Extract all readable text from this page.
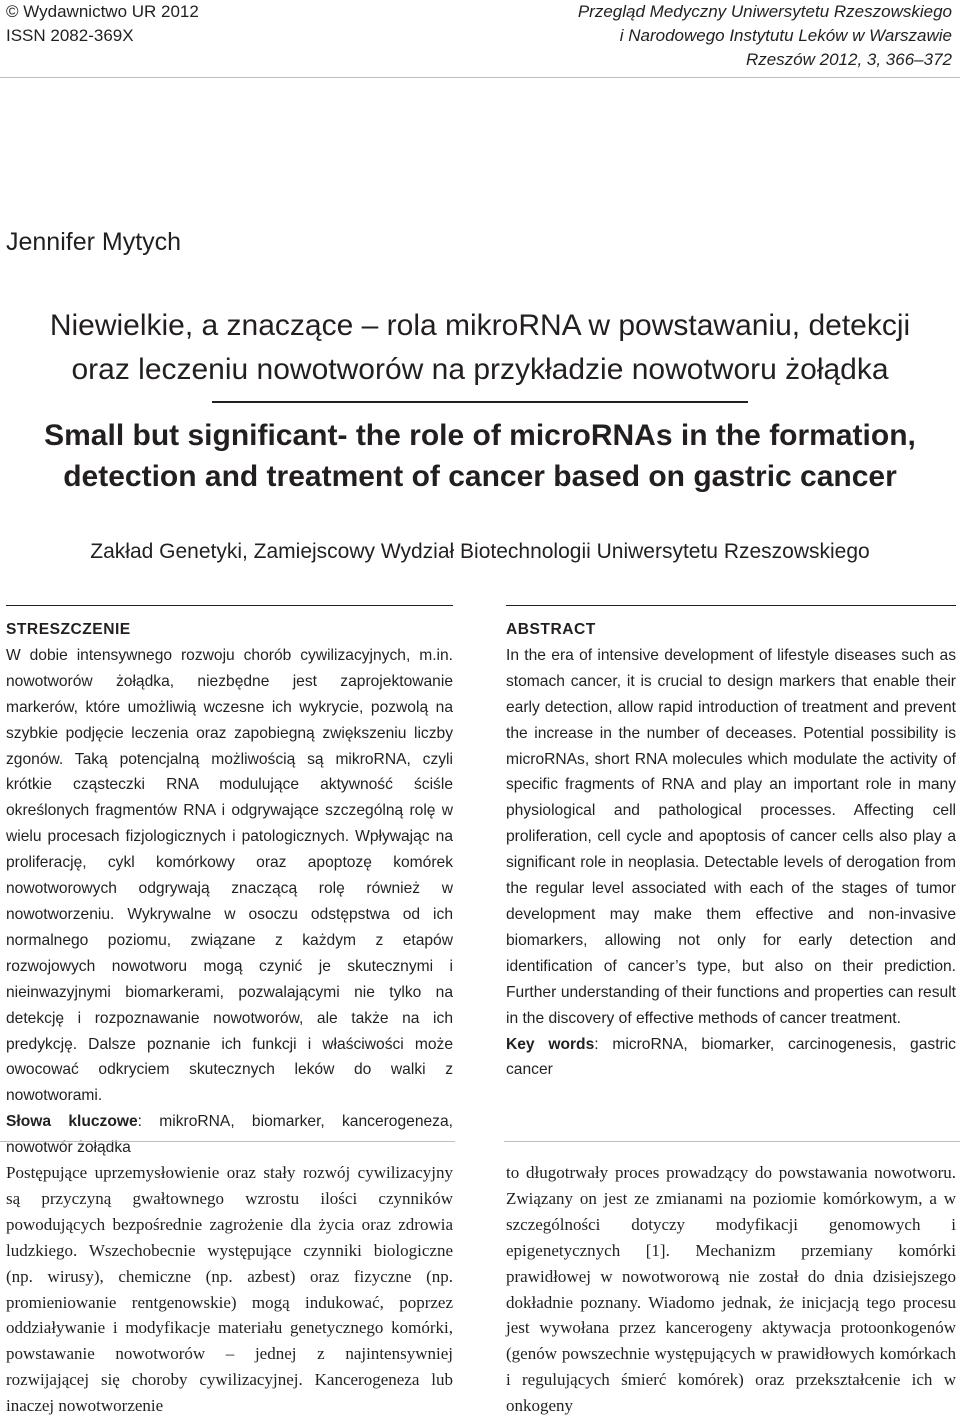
© Wydawnictwo UR 2012
ISSN 2082-369X
Przegląd Medyczny Uniwersytetu Rzeszowskiego
i Narodowego Instytutu Leków w Warszawie
Rzeszów 2012, 3, 366–372
Jennifer Mytych
Niewielkie, a znaczące – rola mikroRNA w powstawaniu, detekcji
oraz leczeniu nowotworów na przykładzie nowotworu żołądka
Small but significant- the role of microRNAs in the formation,
detection and treatment of cancer based on gastric cancer
Zakład Genetyki, Zamiejscowy Wydział Biotechnologii Uniwersytetu Rzeszowskiego
STRESZCZENIE
W dobie intensywnego rozwoju chorób cywilizacyjnych, m.in. nowotworów żołądka, niezbędne jest zaprojektowanie markerów, które umożliwią wczesne ich wykrycie, pozwolą na szybkie podjęcie leczenia oraz zapobiegną zwiększeniu liczby zgonów. Taką potencjalną możliwością są mikroRNA, czyli krótkie cząsteczki RNA modulujące aktywność ściśle określonych fragmentów RNA i odgrywające szczególną rolę w wielu procesach fizjologicznych i patologicznych. Wpływając na proliferację, cykl komórkowy oraz apoptozę komórek nowotworowych odgrywają znaczącą rolę również w nowotworzeniu. Wykrywalne w osoczu odstępstwa od ich normalnego poziomu, związane z każdym z etapów rozwojowych nowotworu mogą czynić je skutecznymi i nieinwazyjnymi biomarkerami, pozwalającymi nie tylko na detekcję i rozpoznawanie nowotworów, ale także na ich predykcję. Dalsze poznanie ich funkcji i właściwości może owocować odkryciem skutecznych leków do walki z nowotworami.
Słowa kluczowe: mikroRNA, biomarker, kancerogeneza, nowotwór żołądka
ABSTRACT
In the era of intensive development of lifestyle diseases such as stomach cancer, it is crucial to design markers that enable their early detection, allow rapid introduction of treatment and prevent the increase in the number of deceases. Potential possibility is microRNAs, short RNA molecules which modulate the activity of specific fragments of RNA and play an important role in many physiological and pathological processes. Affecting cell proliferation, cell cycle and apoptosis of cancer cells also play a significant role in neoplasia. Detectable levels of derogation from the regular level associated with each of the stages of tumor development may make them effective and non-invasive biomarkers, allowing not only for early detection and identification of cancer’s type, but also on their prediction. Further understanding of their functions and properties can result in the discovery of effective methods of cancer treatment.
Key words: microRNA, biomarker, carcinogenesis, gastric cancer
Postępujące uprzemysłowienie oraz stały rozwój cywilizacyjny są przyczyną gwałtownego wzrostu ilości czynników powodujących bezpośrednie zagrożenie dla życia oraz zdrowia ludzkiego. Wszechobecnie występujące czynniki biologiczne (np. wirusy), chemiczne (np. azbest) oraz fizyczne (np. promieniowanie rentgenowskie) mogą indukować, poprzez oddziaływanie i modyfikacje materiału genetycznego komórki, powstawanie nowotworów – jednej z najintensywniej rozwijającej się choroby cywilizacyjnej. Kancerogeneza lub inaczej nowotworzenie
to długotrwały proces prowadzący do powstawania nowotworu. Związany on jest ze zmianami na poziomie komórkowym, a w szczególności dotyczy modyfikacji genomowych i epigenetycznych [1]. Mechanizm przemiany komórki prawidłowej w nowotworową nie został do dnia dzisiejszego dokładnie poznany. Wiadomo jednak, że inicjacją tego procesu jest wywołana przez kancerogeny aktywacja protoonkogenów (genów powszechnie występujących w prawidłowych komórkach i regulujących śmierć komórek) oraz przekształcenie ich w onkogeny
